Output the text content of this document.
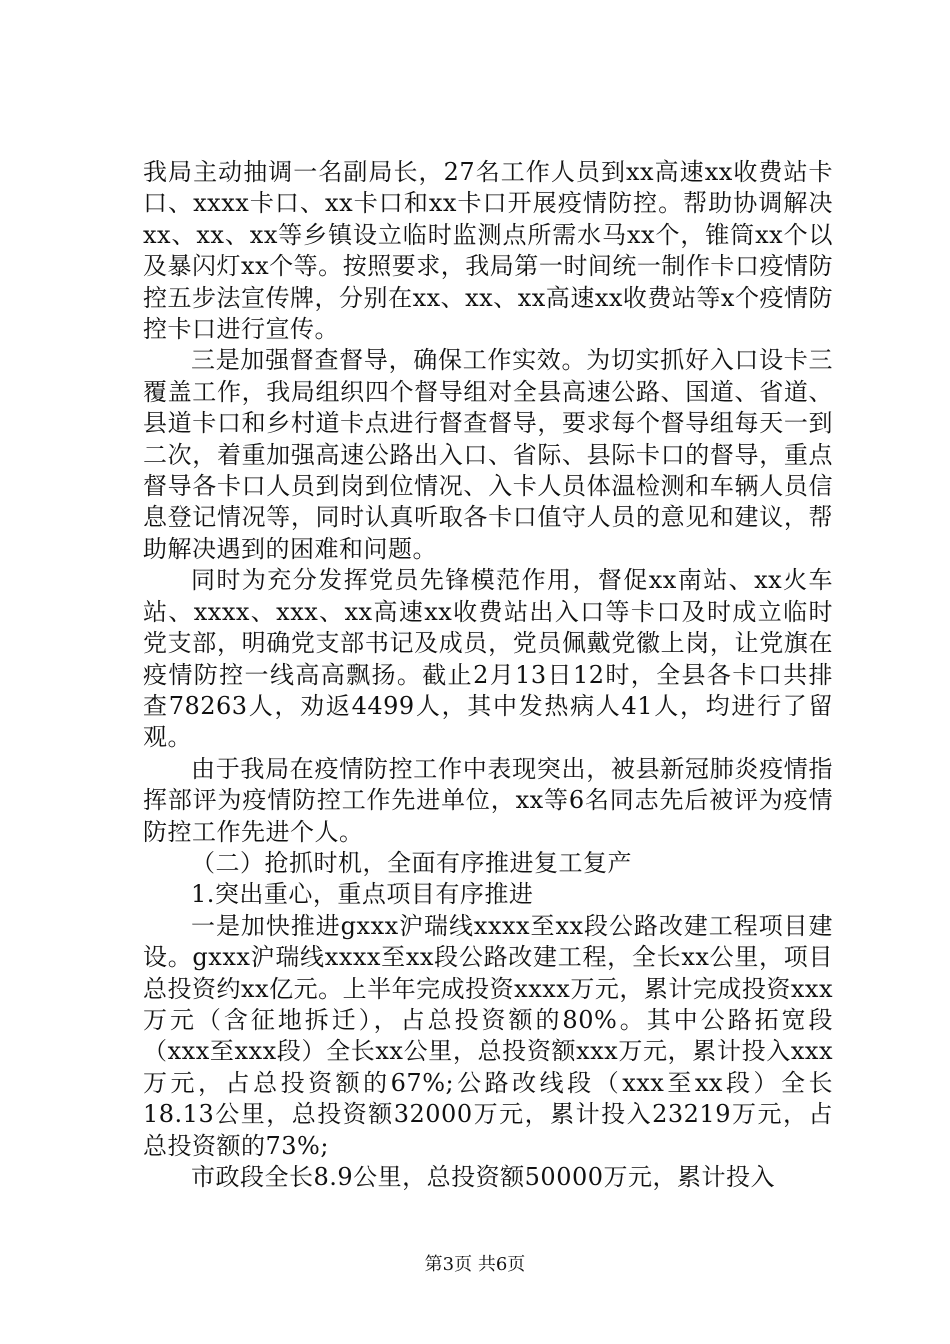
我局主动抽调一名副局长，27名工作人员到xx高速xx收费站卡口、xxxx卡口、xx卡口和xx卡口开展疫情防控。帮助协调解决xx、xx、xx等乡镇设立临时监测点所需水马xx个，锥筒xx个以及暴闪灯xx个等。按照要求，我局第一时间统一制作卡口疫情防控五步法宣传牌，分别在xx、xx、xx高速xx收费站等x个疫情防控卡口进行宣传。

三是加强督查督导，确保工作实效。为切实抓好入口设卡三覆盖工作，我局组织四个督导组对全县高速公路、国道、省道、县道卡口和乡村道卡点进行督查督导，要求每个督导组每天一到二次，着重加强高速公路出入口、省际、县际卡口的督导，重点督导各卡口人员到岗到位情况、入卡人员体温检测和车辆人员信息登记情况等，同时认真听取各卡口值守人员的意见和建议，帮助解决遇到的困难和问题。

同时为充分发挥党员先锋模范作用，督促xx南站、xx火车站、xxxx、xxx、xx高速xx收费站出入口等卡口及时成立临时党支部，明确党支部书记及成员，党员佩戴党徽上岗，让党旗在疫情防控一线高高飘扬。截止2月13日12时，全县各卡口共排查78263人，劝返4499人，其中发热病人41人，均进行了留观。

由于我局在疫情防控工作中表现突出，被县新冠肺炎疫情指挥部评为疫情防控工作先进单位，xx等6名同志先后被评为疫情防控工作先进个人。

（二）抢抓时机，全面有序推进复工复产

1.突出重心，重点项目有序推进

一是加快推进gxxx沪瑞线xxxx至xx段公路改建工程项目建设。gxxx沪瑞线xxxx至xx段公路改建工程，全长xx公里，项目总投资约xx亿元。上半年完成投资xxxx万元，累计完成投资xxx万元（含征地拆迁），占总投资额的80%。其中公路拓宽段（xxx至xxx段）全长xx公里，总投资额xxx万元，累计投入xxx万元，占总投资额的67%;公路改线段（xxx至xx段）全长18.13公里，总投资额32000万元，累计投入23219万元，占总投资额的73%;

市政段全长8.9公里，总投资额50000万元，累计投入

第3页 共6页
